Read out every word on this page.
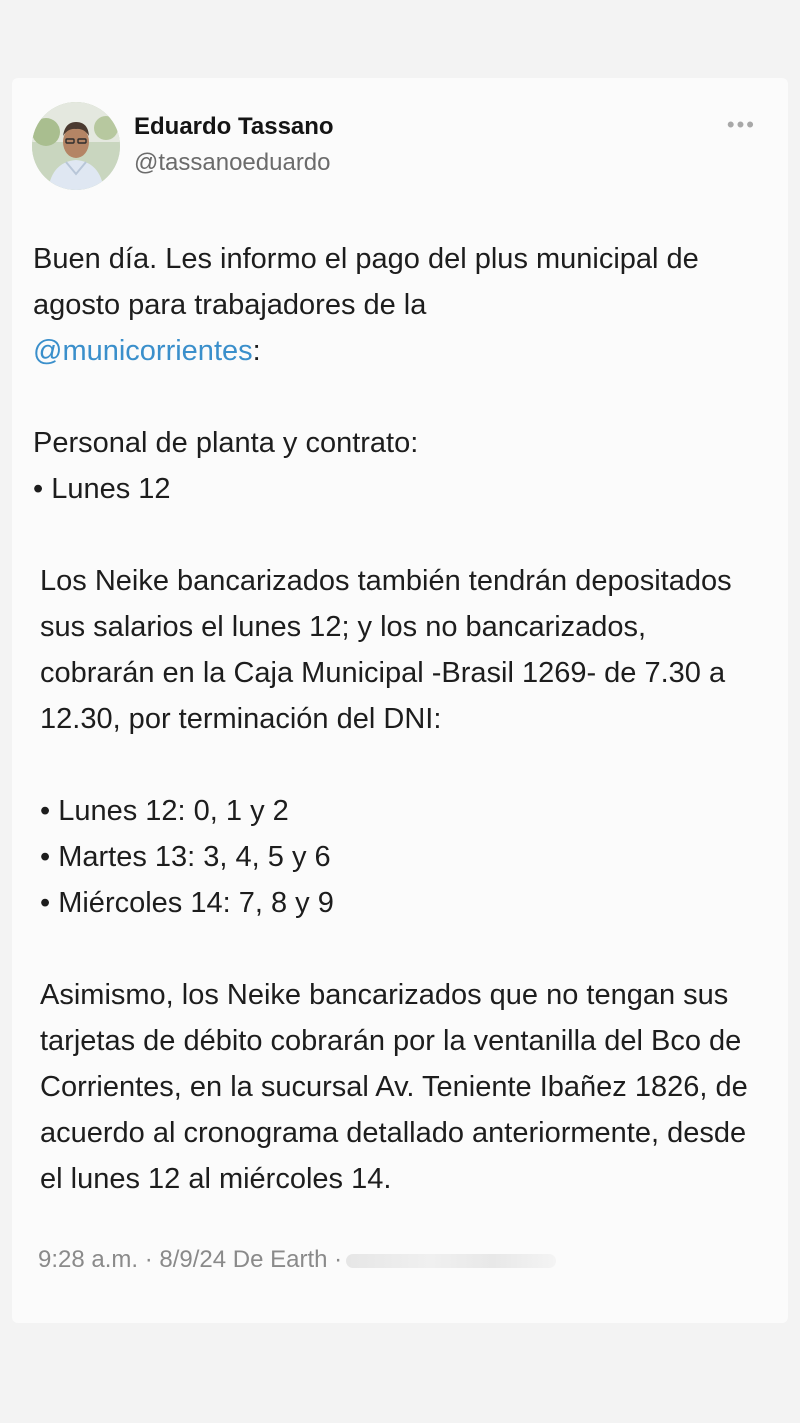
Eduardo Tassano
@tassanoeduardo
•••

Buen día. Les informo el pago del plus municipal de agosto para trabajadores de la
@municorrientes:

Personal de planta y contrato:

• Lunes 12

Los Neike bancarizados también tendrán depositados sus salarios el lunes 12; y los no bancarizados, cobrarán en la Caja Municipal -Brasil 1269- de 7.30 a 12.30, por terminación del DNI:

• Lunes 12: 0, 1 y 2

• Martes 13: 3, 4, 5 y 6

• Miércoles 14: 7, 8 y 9

Asimismo, los Neike bancarizados que no tengan sus tarjetas de débito cobrarán por la ventanilla del Bco de Corrientes, en la sucursal Av. Teniente Ibañez 1826, de acuerdo al cronograma detallado anteriormente, desde el lunes 12 al miércoles 14.

9:28 a.m. · 8/9/24 De Earth ·
